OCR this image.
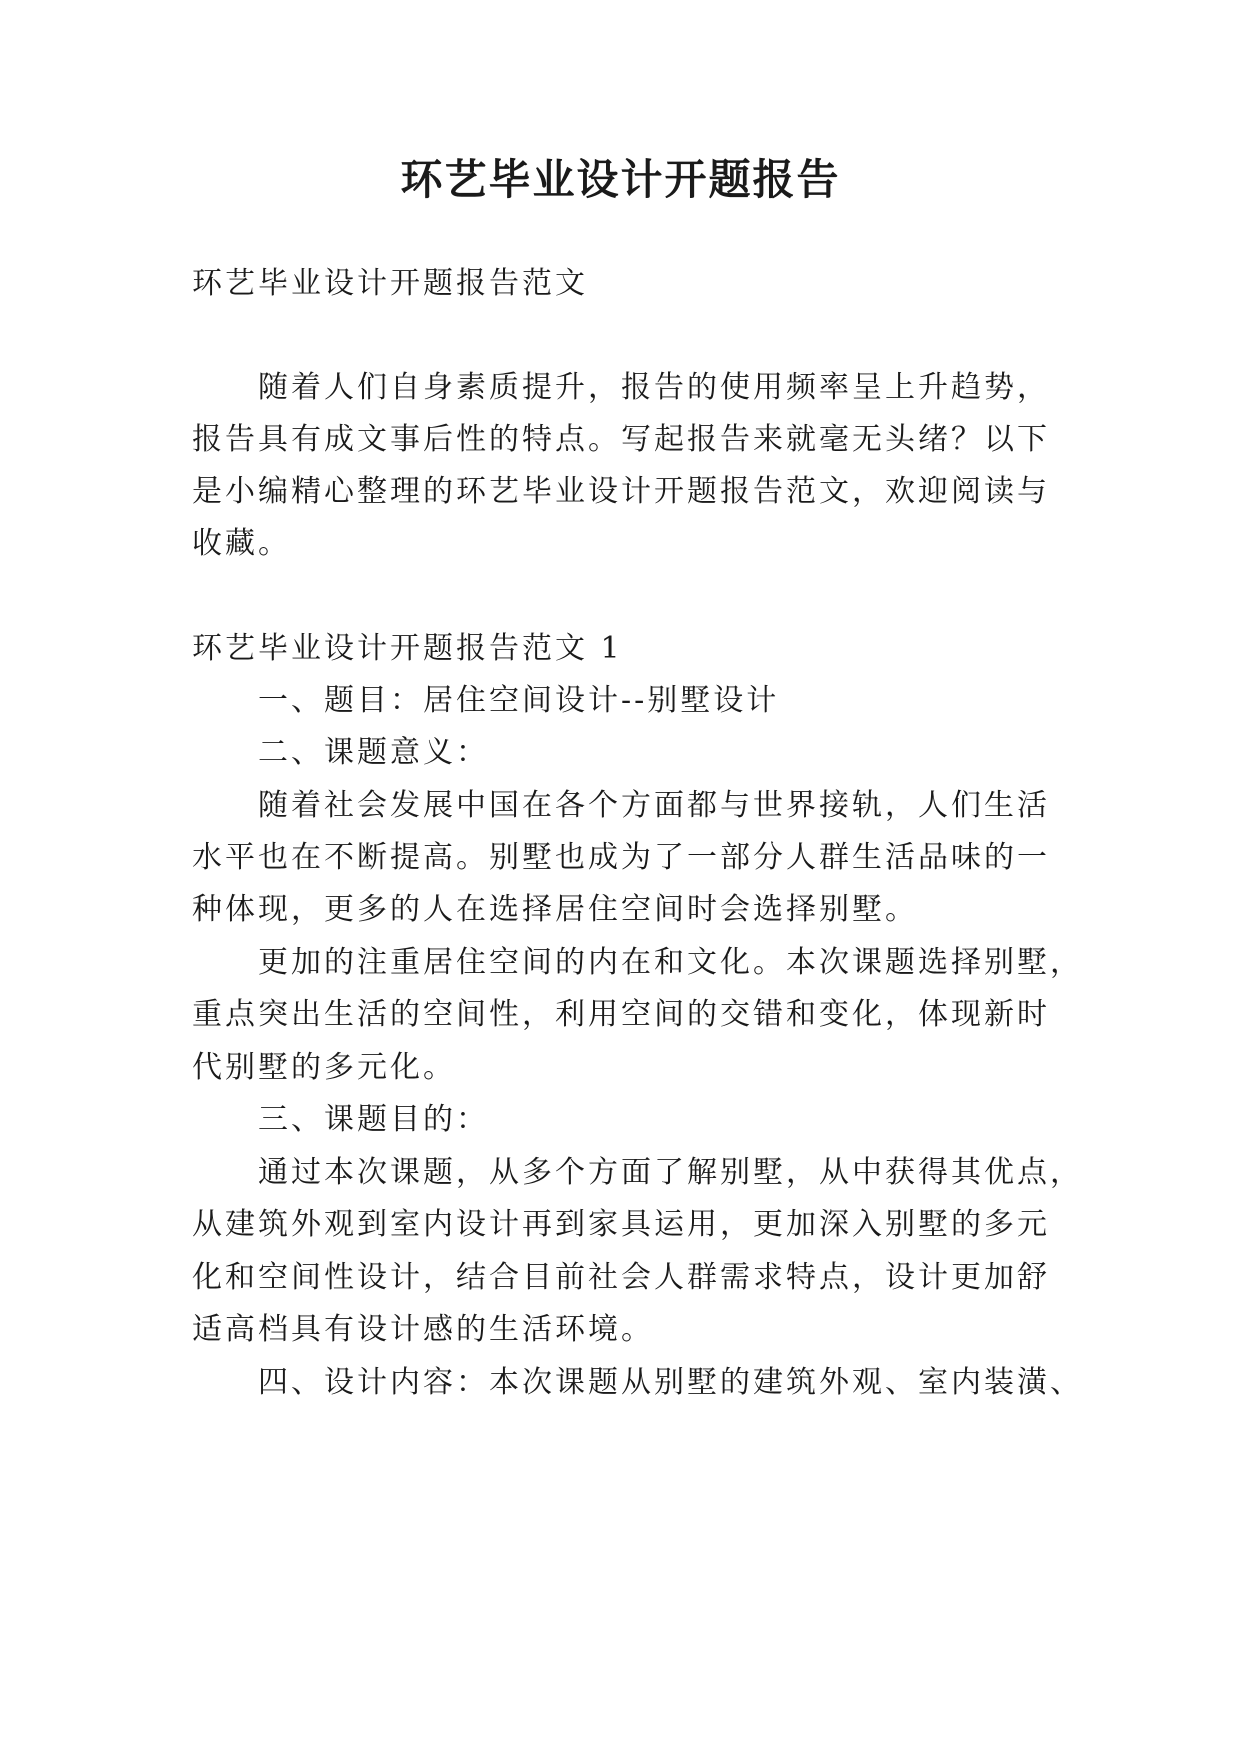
环艺毕业设计开题报告

环艺毕业设计开题报告范文

随着人们自身素质提升，报告的使用频率呈上升趋势，

报告具有成文事后性的特点。写起报告来就毫无头绪？以下

是小编精心整理的环艺毕业设计开题报告范文，欢迎阅读与

收藏。

环艺毕业设计开题报告范文 1

一、题目：居住空间设计--别墅设计

二、课题意义：

随着社会发展中国在各个方面都与世界接轨，人们生活

水平也在不断提高。别墅也成为了一部分人群生活品味的一

种体现，更多的人在选择居住空间时会选择别墅。

更加的注重居住空间的内在和文化。本次课题选择别墅，

重点突出生活的空间性，利用空间的交错和变化，体现新时

代别墅的多元化。

三、课题目的：

通过本次课题，从多个方面了解别墅，从中获得其优点，

从建筑外观到室内设计再到家具运用，更加深入别墅的多元

化和空间性设计，结合目前社会人群需求特点，设计更加舒

适高档具有设计感的生活环境。

四、设计内容：本次课题从别墅的建筑外观、室内装潢、
